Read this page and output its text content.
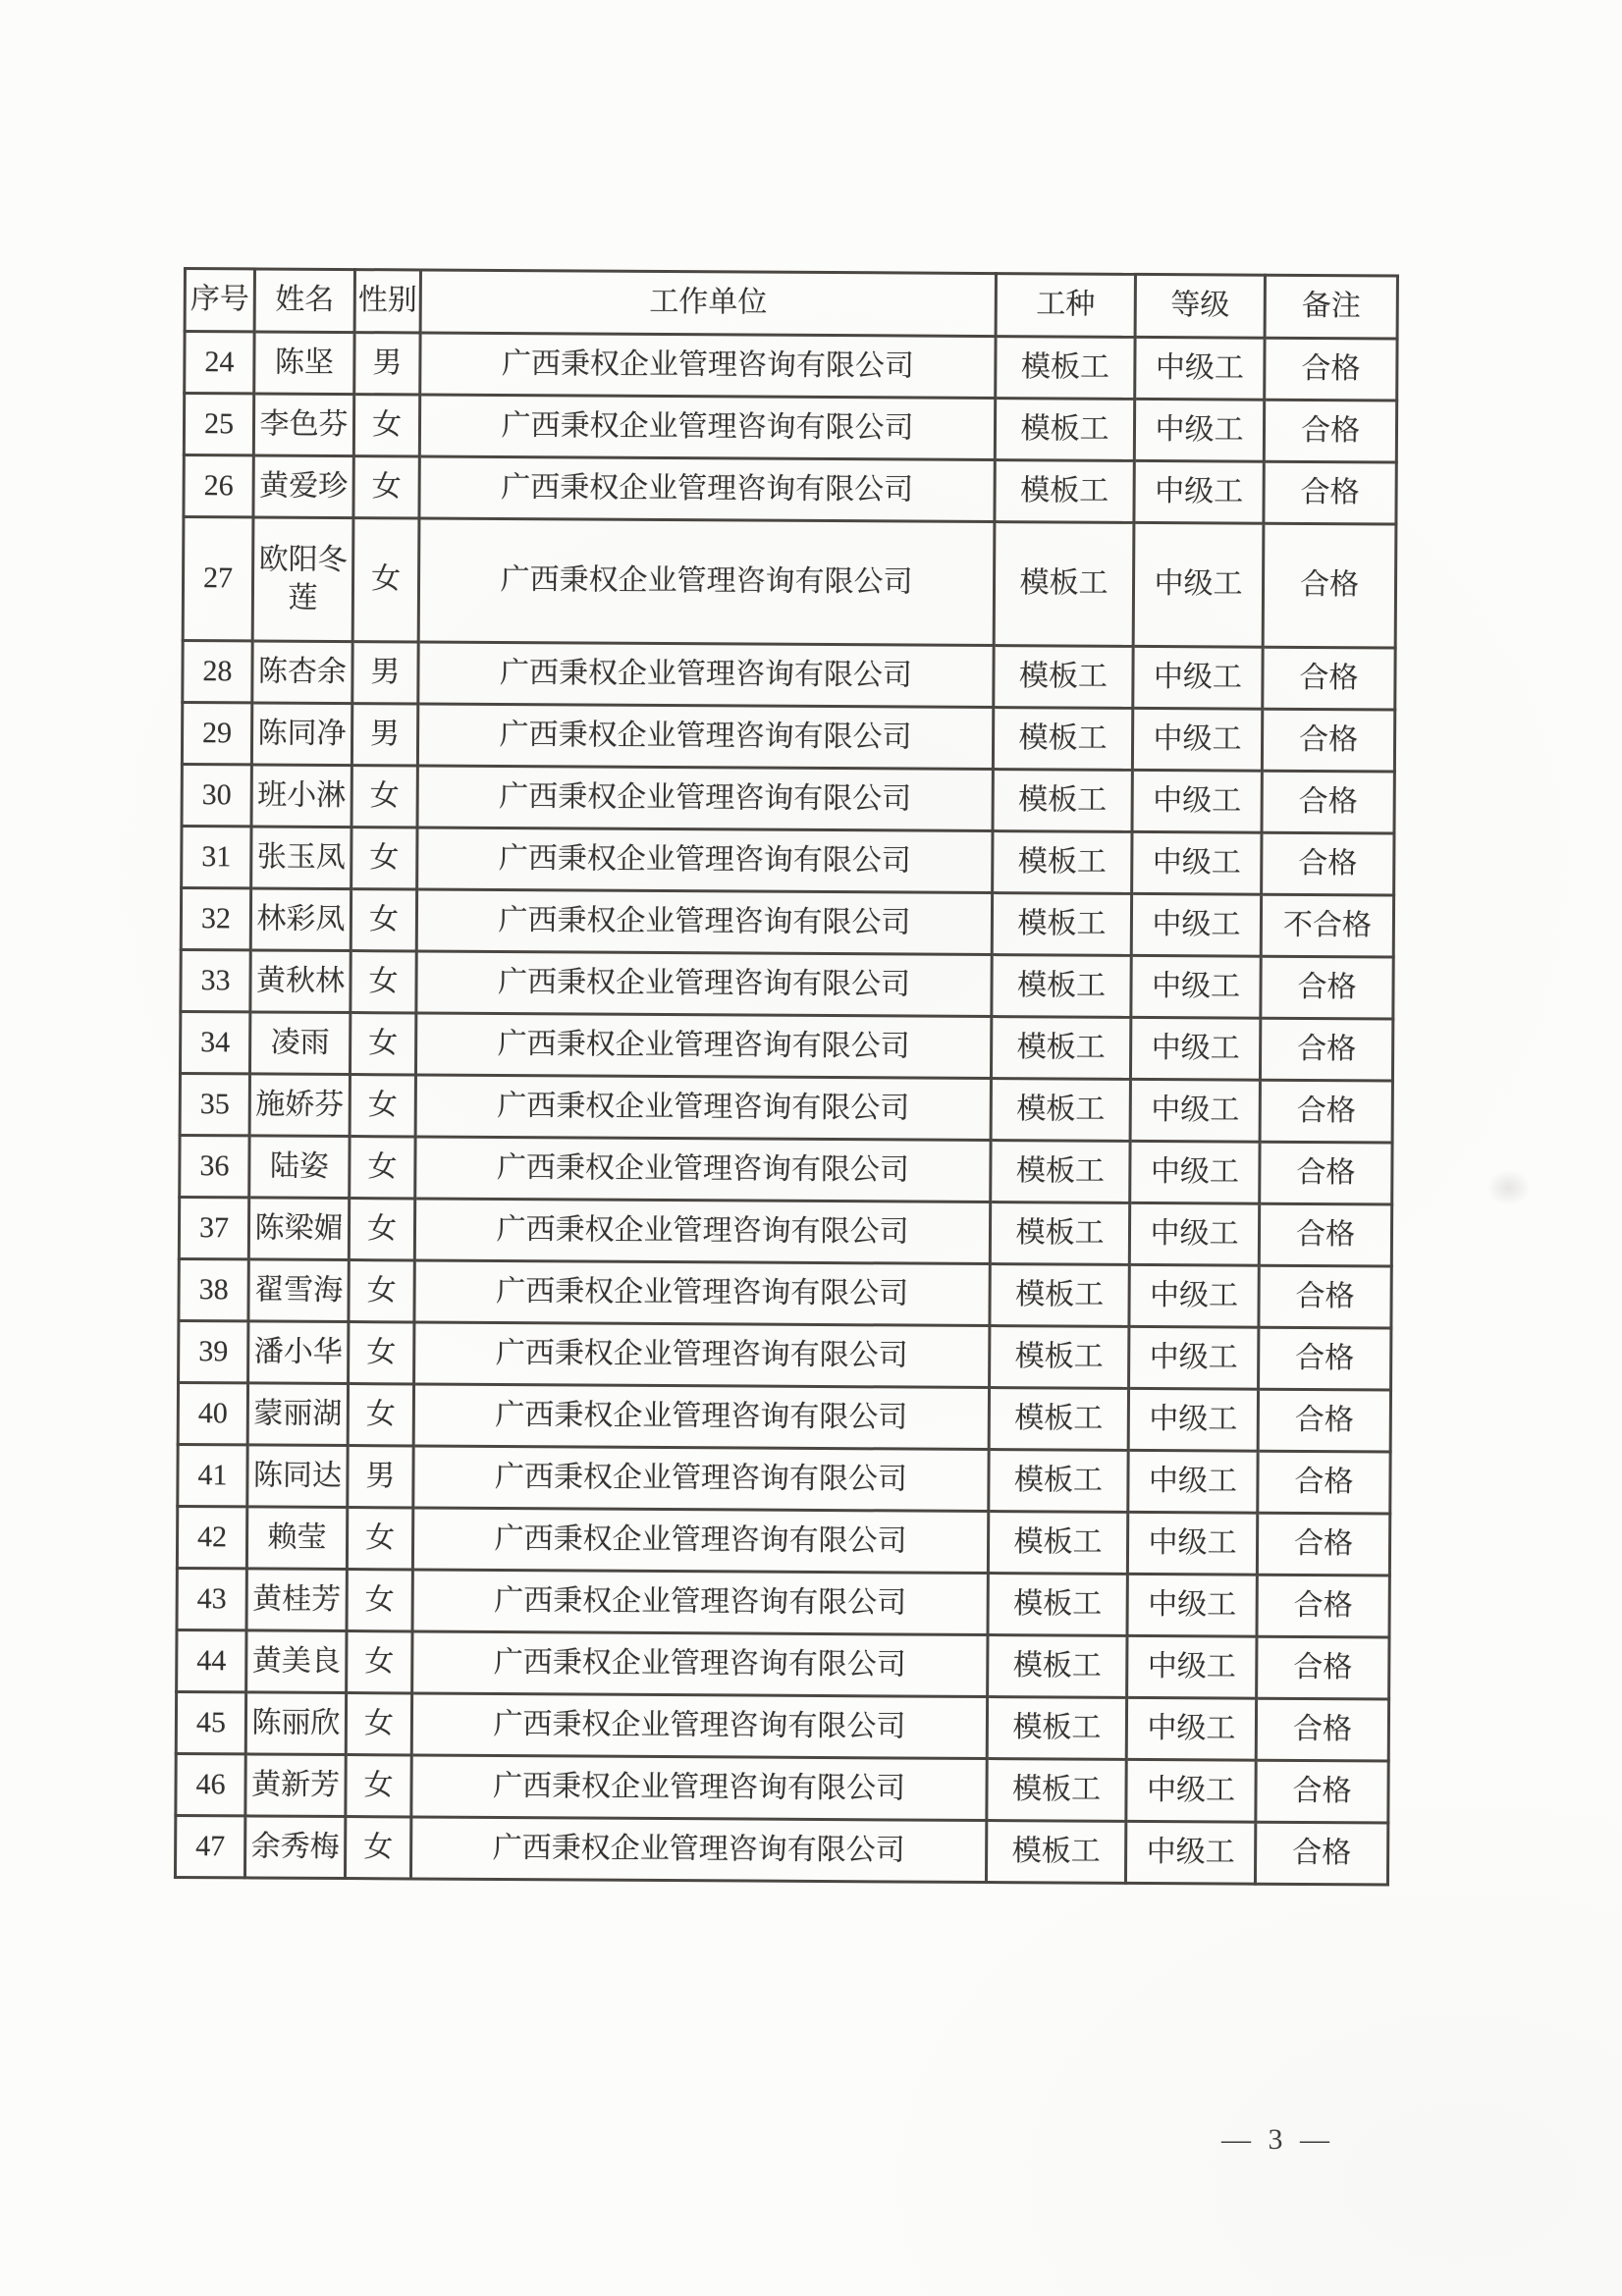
序号	姓名	性别	工作单位	工种	等级	备注
24	陈坚	男	广西秉权企业管理咨询有限公司	模板工	中级工	合格
25	李色芬	女	广西秉权企业管理咨询有限公司	模板工	中级工	合格
26	黄爱珍	女	广西秉权企业管理咨询有限公司	模板工	中级工	合格
27	欧阳冬莲	女	广西秉权企业管理咨询有限公司	模板工	中级工	合格
28	陈杏余	男	广西秉权企业管理咨询有限公司	模板工	中级工	合格
29	陈同净	男	广西秉权企业管理咨询有限公司	模板工	中级工	合格
30	班小淋	女	广西秉权企业管理咨询有限公司	模板工	中级工	合格
31	张玉凤	女	广西秉权企业管理咨询有限公司	模板工	中级工	合格
32	林彩凤	女	广西秉权企业管理咨询有限公司	模板工	中级工	不合格
33	黄秋林	女	广西秉权企业管理咨询有限公司	模板工	中级工	合格
34	凌雨	女	广西秉权企业管理咨询有限公司	模板工	中级工	合格
35	施娇芬	女	广西秉权企业管理咨询有限公司	模板工	中级工	合格
36	陆姿	女	广西秉权企业管理咨询有限公司	模板工	中级工	合格
37	陈梁媚	女	广西秉权企业管理咨询有限公司	模板工	中级工	合格
38	翟雪海	女	广西秉权企业管理咨询有限公司	模板工	中级工	合格
39	潘小华	女	广西秉权企业管理咨询有限公司	模板工	中级工	合格
40	蒙丽湖	女	广西秉权企业管理咨询有限公司	模板工	中级工	合格
41	陈同达	男	广西秉权企业管理咨询有限公司	模板工	中级工	合格
42	赖莹	女	广西秉权企业管理咨询有限公司	模板工	中级工	合格
43	黄桂芳	女	广西秉权企业管理咨询有限公司	模板工	中级工	合格
44	黄美良	女	广西秉权企业管理咨询有限公司	模板工	中级工	合格
45	陈丽欣	女	广西秉权企业管理咨询有限公司	模板工	中级工	合格
46	黄新芳	女	广西秉权企业管理咨询有限公司	模板工	中级工	合格
47	余秀梅	女	广西秉权企业管理咨询有限公司	模板工	中级工	合格
— 3 —
